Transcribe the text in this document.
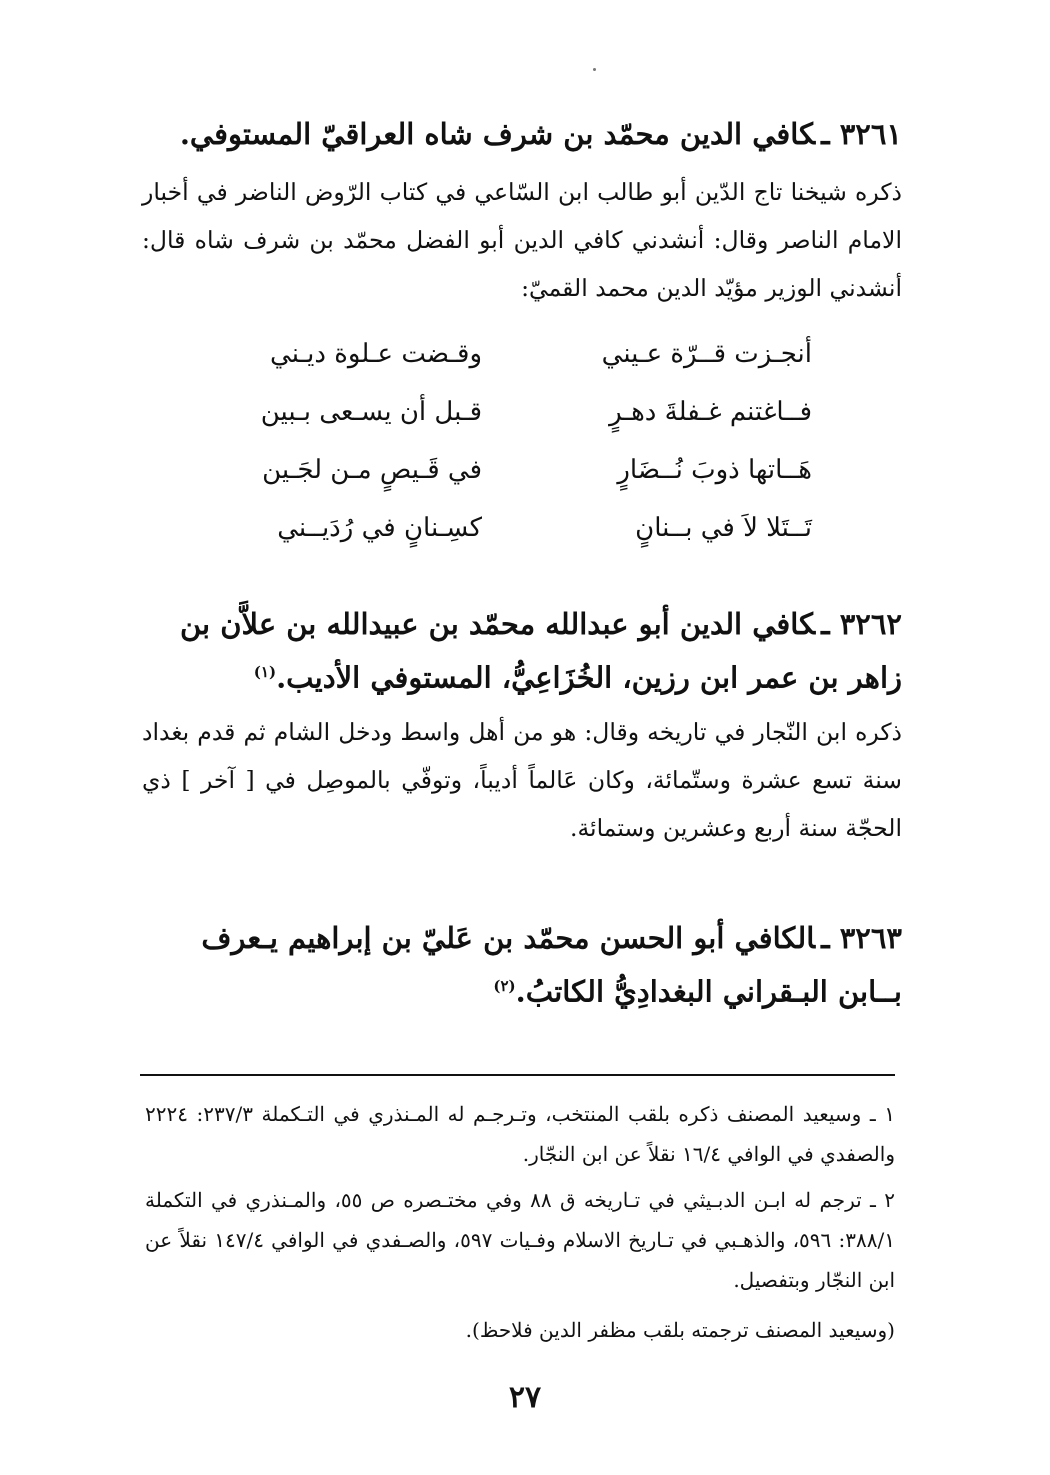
٣٢٦١ ـكافي الدين محمّد بن شرف شاه العراقيّ المستوفي.
ذكره شيخنا تاج الدّين أبو طالب ابن السّاعي في كتاب الرّوض الناضر في أخبار الامام الناصر وقال: أنشدني كافي الدين أبو الفضل محمّد بن شرف شاه قال: أنشدني الوزير مؤيّد الدين محمد القميّ:
أنجـزت قــرّة عـيني
وقـضت عـلوة ديـني
فــاغتنم غـفلةَ دهـرٍ
قـبل أن يسـعى بـبين
هَــاتها ذوبَ نُــضَارٍ
في قَـيصٍ مـن لجَـين
تَــتَلا لاَ في بــنانٍ
كسِـنانٍ في رُدَيــني
٣٢٦٢ ـكافي الدين أبو عبدالله محمّد بن عبيدالله بن علاَّن بن زاهر بن عمر ابن رزين، الخُزَاعِيُّ، المستوفي الأديب.$^{(١)}$
ذكره ابن النّجار في تاريخه وقال: هو من أهل واسط ودخل الشام ثم قدم بغداد سنة تسع عشرة وستّمائة، وكان عَالماً أديباً، وتوفّي بالموصِل في [ آخر ] ذي الحجّة سنة أربع وعشرين وستمائة.
٣٢٦٣ ـالكافي أبو الحسن محمّد بن عَليّ بن إبراهيم يـعرف بــابن البـقراني البغدادِيُّ الكاتبُ.$^{(٢)}$
١ ـ وسيعيد المصنف ذكره بلقب المنتخب، وتـرجـم له المـنذري في التـكملة ٢٣٧/٣: ٢٢٢٤ والصفدي في الوافي ١٦/٤ نقلاً عن ابن النجّار.
٢ ـ ترجم له ابـن الدبـيثي في تـاريخه ق ٨٨ وفي مختـصره ص ٥٥، والمـنذري في التكملة ٣٨٨/١: ٥٩٦، والذهـبي في تـاريخ الاسلام وفـيات ٥٩٧، والصـفدي في الوافي ١٤٧/٤ نقلاً عن ابن النجّار وبتفصيل.
(وسيعيد المصنف ترجمته بلقب مظفر الدين فلاحظ).
٢٧
